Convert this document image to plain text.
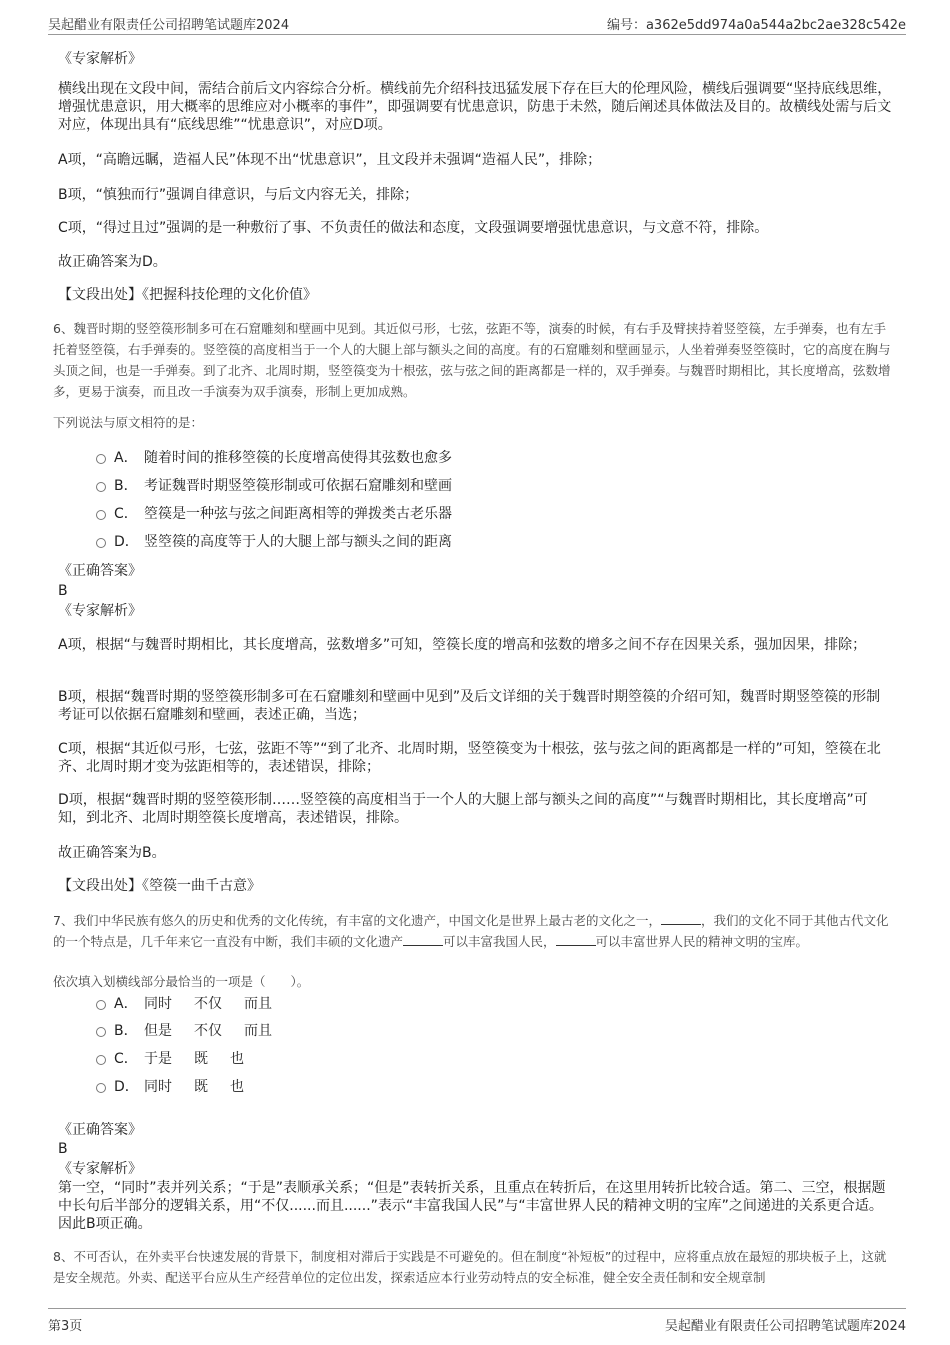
吴起醋业有限责任公司招聘笔试题库2024	编号：a362e5dd974a0a544a2bc2ae328c542e
《专家解析》
横线出现在文段中间，需结合前后文内容综合分析。横线前先介绍科技迅猛发展下存在巨大的伦理风险，横线后强调要“坚持底线思维，增强忧患意识，用大概率的思维应对小概率的事件”，即强调要有忧患意识，防患于未然，随后阐述具体做法及目的。故横线处需与后文对应，体现出具有“底线思维”“忧患意识”，对应D项。
A项，“高瞻远瞩，造福人民”体现不出“忧患意识”，且文段并未强调“造福人民”，排除；
B项，“慎独而行”强调自律意识，与后文内容无关，排除；
C项，“得过且过”强调的是一种敷衍了事、不负责任的做法和态度，文段强调要增强忧患意识，与文意不符，排除。
故正确答案为D。
【文段出处】《把握科技伦理的文化价值》
6、魏晋时期的竖箜篌形制多可在石窟雕刻和壁画中见到。其近似弓形，七弦，弦距不等，演奏的时候，有右手及臂挟持着竖箜篌，左手弹奏，也有左手托着竖箜篌，右手弹奏的。竖箜篌的高度相当于一个人的大腿上部与额头之间的高度。有的石窟雕刻和壁画显示，人坐着弹奏竖箜篌时，它的高度在胸与头顶之间，也是一手弹奏。到了北齐、北周时期，竖箜篌变为十根弦，弦与弦之间的距离都是一样的，双手弹奏。与魏晋时期相比，其长度增高，弦数增多，更易于演奏，而且改一手演奏为双手演奏，形制上更加成熟。
下列说法与原文相符的是：
A． 随着时间的推移箜篌的长度增高使得其弦数也愈多
B． 考证魏晋时期竖箜篌形制或可依据石窟雕刻和壁画
C． 箜篌是一种弦与弦之间距离相等的弹拨类古老乐器
D． 竖箜篌的高度等于人的大腿上部与额头之间的距离
《正确答案》
B
《专家解析》
A项，根据“与魏晋时期相比，其长度增高，弦数增多”可知，箜篌长度的增高和弦数的增多之间不存在因果关系，强加因果，排除；
B项，根据“魏晋时期的竖箜篌形制多可在石窟雕刻和壁画中见到”及后文详细的关于魏晋时期箜篌的介绍可知，魏晋时期竖箜篌的形制考证可以依据石窟雕刻和壁画，表述正确，当选；
C项，根据“其近似弓形，七弦，弦距不等”“到了北齐、北周时期，竖箜篌变为十根弦，弦与弦之间的距离都是一样的”可知，箜篌在北齐、北周时期才变为弦距相等的，表述错误，排除；
D项，根据“魏晋时期的竖箜篌形制……竖箜篌的高度相当于一个人的大腿上部与额头之间的高度”“与魏晋时期相比，其长度增高”可知，到北齐、北周时期箜篌长度增高，表述错误，排除。
故正确答案为B。
【文段出处】《箜篌一曲千古意》
7、我们中华民族有悠久的历史和优秀的文化传统，有丰富的文化遗产，中国文化是世界上最古老的文化之一，	，我们的文化不同于其他古代文化的一个特点是，几千年来它一直没有中断，我们丰硕的文化遗产	可以丰富我国人民，	可以丰富世界人民的精神文明的宝库。
依次填入划横线部分最恰当的一项是（　　）。
A． 同时 不仅 而且
B． 但是 不仅 而且
C． 于是 既 也
D． 同时 既 也
《正确答案》
B
《专家解析》
第一空，“同时”表并列关系；“于是”表顺承关系；“但是”表转折关系，且重点在转折后，在这里用转折比较合适。第二、三空，根据题中长句后半部分的逻辑关系，用“不仅......而且......”表示“丰富我国人民”与“丰富世界人民的精神文明的宝库”之间递进的关系更合适。因此B项正确。
8、不可否认，在外卖平台快速发展的背景下，制度相对滞后于实践是不可避免的。但在制度“补短板”的过程中，应将重点放在最短的那块板子上，这就是安全规范。外卖、配送平台应从生产经营单位的定位出发，探索适应本行业劳动特点的安全标准，健全安全责任制和安全规章制
第3页	吴起醋业有限责任公司招聘笔试题库2024
